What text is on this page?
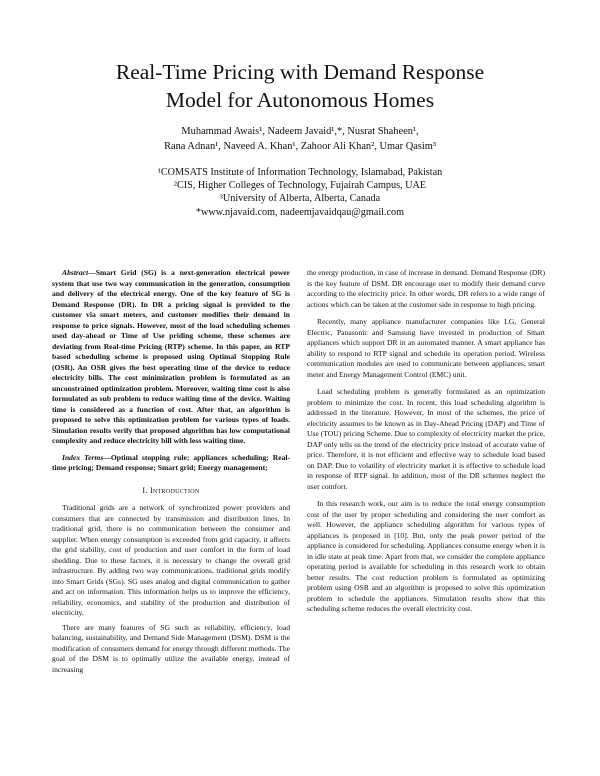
Real-Time Pricing with Demand Response
Model for Autonomous Homes
Muhammad Awais¹, Nadeem Javaid¹,*, Nusrat Shaheen¹,
Rana Adnan¹, Naveed A. Khan¹, Zahoor Ali Khan², Umar Qasim³
¹COMSATS Institute of Information Technology, Islamabad, Pakistan
²CIS, Higher Colleges of Technology, Fujairah Campus, UAE
³University of Alberta, Alberta, Canada
*www.njavaid.com, nadeemjavaidqau@gmail.com

Abstract—Smart Grid (SG) is a next-generation electrical power system that use two way communication in the generation, consumption and delivery of the electrical energy. One of the key feature of SG is Demand Response (DR). In DR a pricing signal is provided to the customer via smart meters, and customer modifies their demand in response to price signals. However, most of the load scheduling schemes used day-ahead or Time of Use priding scheme, these schemes are deviating from Real-time Pricing (RTP) scheme. In this paper, an RTP based scheduling scheme is proposed using Optimal Stopping Rule (OSR). An OSR gives the best operating time of the device to reduce electricity bills. The cost minimization problem is formulated as an unconstrained optimization problem. Moreover, waiting time cost is also formulated as sub problem to reduce waiting time of the device. Waiting time is considered as a function of cost. After that, an algorithm is proposed to solve this optimization problem for various types of loads. Simulation results verify that proposed algorithm has low computational complexity and reduce electricity bill with less waiting time.

Index Terms—Optimal stopping rule; appliances scheduling; Real-time pricing; Demand response; Smart grid; Energy management;

I. Introduction

Traditional grids are a network of synchronized power providers and consumers that are connected by transmission and distribution lines. In traditional grid, there is no communication between the consumer and supplier. When energy consumption is exceeded from grid capacity, it affects the grid stability, cost of production and user comfort in the form of load shedding. Due to these factors, it is necessary to change the overall grid infrastructure. By adding two way communications, traditional grids modify into Smart Grids (SGs). SG uses analog and digital communication to gather and act on information. This information helps us to improve the efficiency, reliability, economics, and stability of the production and distribution of electricity.

There are many features of SG such as reliability, efficiency, load balancing, sustainability, and Demand Side Management (DSM). DSM is the modification of consumers demand for energy through different methods. The goal of the DSM is to optimally utilize the available energy, instead of increasing

the energy production, in case of increase in demand. Demand Response (DR) is the key feature of DSM. DR encourage user to modify their demand curve according to the electricity price. In other words, DR refers to a wide range of actions which can be taken at the customer side in response to high pricing.

Recently, many appliance manufacturer companies like LG, General Electric, Panasonic and Samsung have invested in production of Smart appliances which support DR in an automated manner. A smart appliance has ability to respond to RTP signal and schedule its operation period. Wireless communication modules are used to communicate between appliances, smart meter and Energy Management Control (EMC) unit.

Load scheduling problem is generally formulated as an optimization problem to minimize the cost. In recent, this load scheduling algorithm is addressed in the literature. However, In most of the schemes, the price of electricity assumes to be known as in Day-Ahead Pricing (DAP) and Time of Use (TOU) pricing Scheme. Due to complexity of electricity market the price, DAP only tells us the trend of the electricity price instead of accurate value of price. Therefore, it is not efficient and effective way to schedule load based on DAP. Due to volatility of electricity market it is effective to schedule load in response of RTP signal. In addition, most of the DR schemes neglect the user comfort.

In this research work, our aim is to reduce the total energy consumption cost of the user by proper scheduling and considering the user comfort as well. However, the appliance scheduling algorithm for various types of appliances is proposed in [10]. But, only the peak power period of the appliance is considered for scheduling. Appliances consume energy when it is in idle state at peak time. Apart from that, we consider the complete appliance operating period is available for scheduling in this research work to obtain better results. The cost reduction problem is formulated as optimizing problem using OSR and an algorithm is proposed to solve this optimization problem to schedule the appliances. Simulation results show that this scheduling scheme reduces the overall electricity cost.
